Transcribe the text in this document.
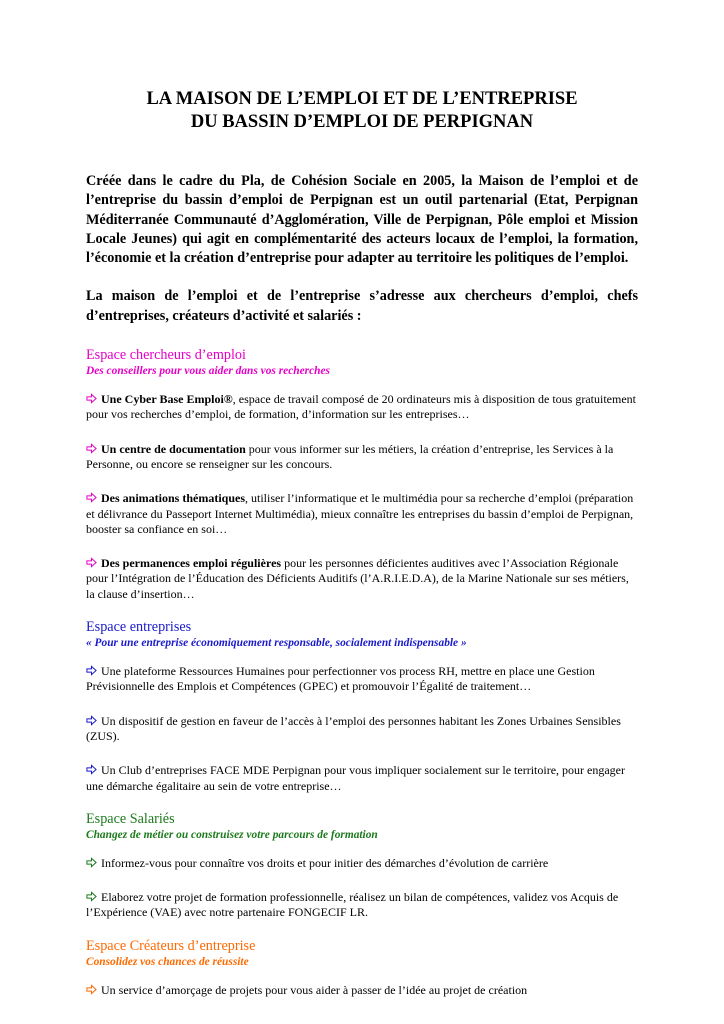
LA MAISON DE L’EMPLOI ET DE L’ENTREPRISE
DU BASSIN D’EMPLOI DE PERPIGNAN

Créée dans le cadre du Pla, de Cohésion Sociale en 2005, la Maison de l’emploi et de l’entreprise du bassin d’emploi de Perpignan est un outil partenarial (Etat, Perpignan Méditerranée Communauté d’Agglomération, Ville de Perpignan, Pôle emploi et Mission Locale Jeunes) qui agit en complémentarité des acteurs locaux de l’emploi, la formation, l’économie et la création d’entreprise pour adapter au territoire les politiques de l’emploi.

La maison de l’emploi et de l’entreprise s’adresse aux chercheurs d’emploi, chefs d’entreprises, créateurs d’activité et salariés :

Espace chercheurs d’emploi

Des conseillers pour vous aider dans vos recherches

Une Cyber Base Emploi®, espace de travail composé de 20 ordinateurs mis à disposition de tous gratuitement pour vos recherches d’emploi, de formation, d’information sur les entreprises…

Un centre de documentation pour vous informer sur les métiers, la création d’entreprise, les Services à la Personne, ou encore se renseigner sur les concours.

Des animations thématiques, utiliser l’informatique et le multimédia pour sa recherche d’emploi (préparation et délivrance du Passeport Internet Multimédia), mieux connaître les entreprises du bassin d’emploi de Perpignan, booster sa confiance en soi…

Des permanences emploi régulières pour les personnes déficientes auditives avec l’Association Régionale pour l’Intégration de l’Éducation des Déficients Auditifs (l’A.R.I.E.D.A), de la Marine Nationale sur ses métiers, la clause d’insertion…

Espace entreprises

« Pour une entreprise économiquement responsable, socialement indispensable »

Une plateforme Ressources Humaines pour perfectionner vos process RH, mettre en place une Gestion Prévisionnelle des Emplois et Compétences (GPEC) et promouvoir l’Égalité de traitement…

Un dispositif de gestion en faveur de l’accès à l’emploi des personnes habitant les Zones Urbaines Sensibles (ZUS).

Un Club d’entreprises FACE MDE Perpignan pour vous impliquer socialement sur le territoire, pour engager une démarche égalitaire au sein de votre entreprise…

Espace Salariés

Changez de métier ou construisez votre parcours de formation

Informez-vous pour connaître vos droits et pour initier des démarches d’évolution de carrière

Elaborez votre projet de formation professionnelle, réalisez un bilan de compétences, validez vos Acquis de l’Expérience (VAE) avec notre partenaire FONGECIF LR.

Espace Créateurs d’entreprise

Consolidez vos chances de réussite

Un service d’amorçage de projets pour vous aider à passer de l’idée au projet de création
